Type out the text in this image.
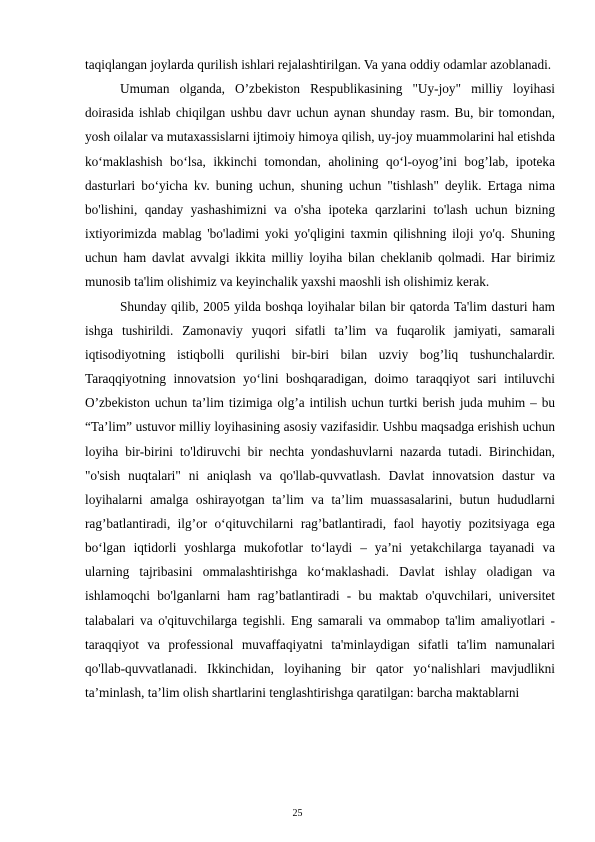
taqiqlangan joylarda qurilish ishlari rejalashtirilgan. Va yana oddiy odamlar azoblanadi.

Umuman olganda, O’zbekiston Respublikasining "Uy-joy" milliy loyihasi doirasida ishlab chiqilgan ushbu davr uchun aynan shunday rasm. Bu, bir tomondan, yosh oilalar va mutaxassislarni ijtimoiy himoya qilish, uy-joy muammolarini hal etishda ko‘maklashish bo‘lsa, ikkinchi tomondan, aholining qo‘l-oyog’ini bog’lab, ipoteka dasturlari bo‘yicha kv. buning uchun, shuning uchun "tishlash" deylik. Ertaga nima bo'lishini, qanday yashashimizni va o'sha ipoteka qarzlarini to'lash uchun bizning ixtiyorimizda mablag 'bo'ladimi yoki yo'qligini taxmin qilishning iloji yo'q. Shuning uchun ham davlat avvalgi ikkita milliy loyiha bilan cheklanib qolmadi. Har birimiz munosib ta'lim olishimiz va keyinchalik yaxshi maoshli ish olishimiz kerak.

Shunday qilib, 2005 yilda boshqa loyihalar bilan bir qatorda Ta'lim dasturi ham ishga tushirildi. Zamonaviy yuqori sifatli ta’lim va fuqarolik jamiyati, samarali iqtisodiyotning istiqbolli qurilishi bir-biri bilan uzviy bog’liq tushunchalardir. Taraqqiyotning innovatsion yo‘lini boshqaradigan, doimo taraqqiyot sari intiluvchi O’zbekiston uchun ta’lim tizimiga olg’a intilish uchun turtki berish juda muhim – bu “Ta’lim” ustuvor milliy loyihasining asosiy vazifasidir. Ushbu maqsadga erishish uchun loyiha bir-birini to'ldiruvchi bir nechta yondashuvlarni nazarda tutadi. Birinchidan, "o'sish nuqtalari" ni aniqlash va qo'llab-quvvatlash. Davlat innovatsion dastur va loyihalarni amalga oshirayotgan ta’lim va ta’lim muassasalarini, butun hududlarni rag’batlantiradi, ilg’or o‘qituvchilarni rag’batlantiradi, faol hayotiy pozitsiyaga ega bo‘lgan iqtidorli yoshlarga mukofotlar to‘laydi – ya’ni yetakchilarga tayanadi va ularning tajribasini ommalashtirishga ko‘maklashadi. Davlat ishlay oladigan va ishlamoqchi bo'lganlarni ham rag’batlantiradi - bu maktab o'quvchilari, universitet talabalari va o'qituvchilarga tegishli. Eng samarali va ommabop ta'lim amaliyotlari - taraqqiyot va professional muvaffaqiyatni ta'minlaydigan sifatli ta'lim namunalari qo'llab-quvvatlanadi. Ikkinchidan, loyihaning bir qator yo‘nalishlari mavjudlikni ta’minlash, ta’lim olish shartlarini tenglashtirishga qaratilgan: barcha maktablarni

25
